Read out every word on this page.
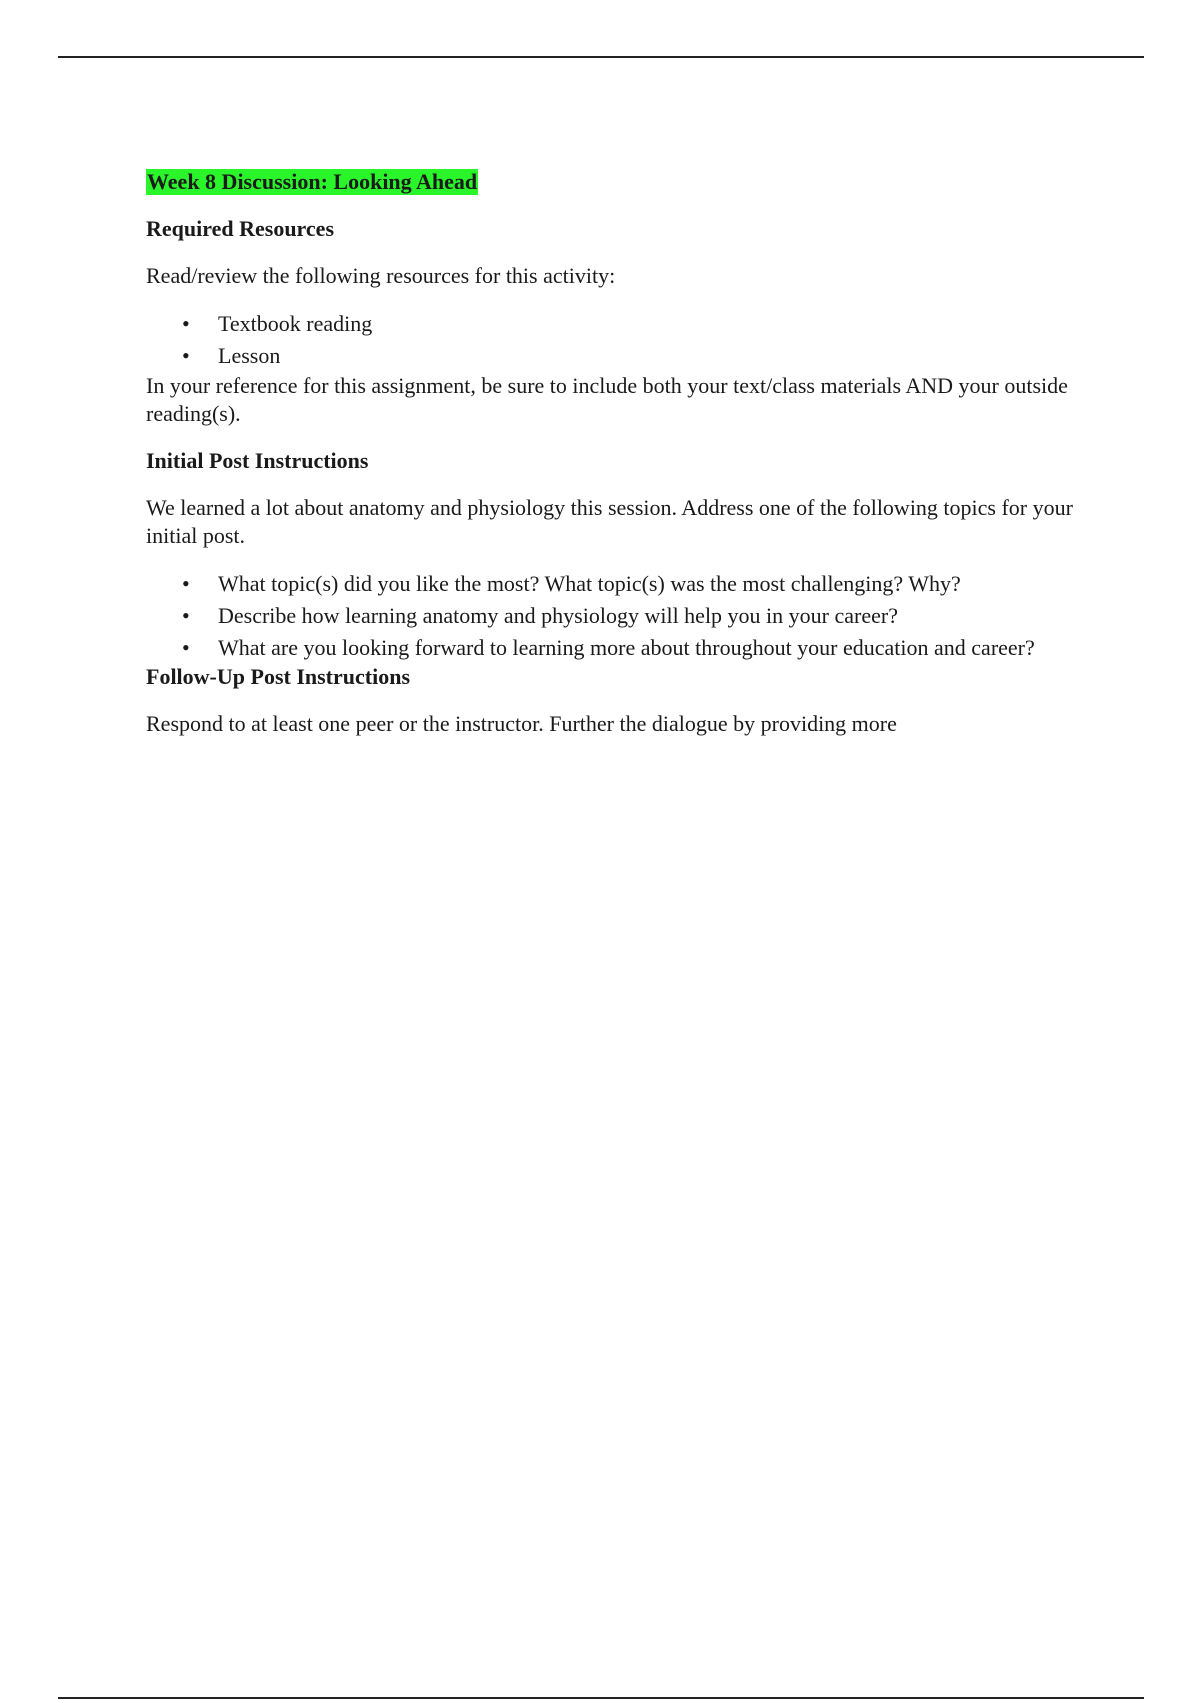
Week 8 Discussion: Looking Ahead
Required Resources

Read/review the following resources for this activity:

• Textbook reading
• Lesson

In your reference for this assignment, be sure to include both your text/class materials AND your outside reading(s).

Initial Post Instructions

We learned a lot about anatomy and physiology this session. Address one of the following topics for your initial post.

• What topic(s) did you like the most? What topic(s) was the most challenging? Why?
• Describe how learning anatomy and physiology will help you in your career?
• What are you looking forward to learning more about throughout your education and career?
Follow-Up Post Instructions

Respond to at least one peer or the instructor. Further the dialogue by providing more
